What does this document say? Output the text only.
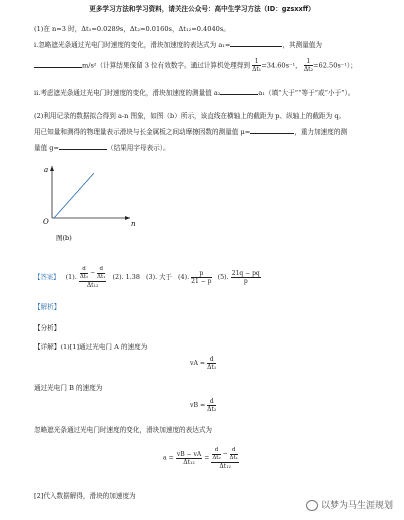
更多学习方法和学习资料，请关注公众号：高中生学习方法（ID：gzsxxff）
(1)在 n=3 时，Δt₁=0.0289s，Δt₂=0.0160s，Δt₁₂=0.4040s。
i.忽略遮光条通过光电门时速度的变化，滑块加速度的表达式为 a₁=	，其测量值为
m/s²（计算结果保留 3 位有效数字。通过计算机处理得到 $\frac{1}{\text{Δt₁}} =34.60s^{-1}$， $\frac{1}{\text{Δt₂}} =62.50s^{-1}$）；
ii.考虑遮光条通过光电门时速度的变化，滑块加速度的测量值 a₂	a₁（填“大于”“等于”或“小于”）。
(2)利用记录的数据拟合得到 a-n 图象，如图（b）所示，该直线在横轴上的截距为 p、纵轴上的截距为 q。
用已知量和测得的物理量表示滑块与长金属板之间动摩擦因数的测量值 μ=	，重力加速度的测
量值 g=	（结果用字母表示）。
a
n
O
图(b)
【答案】 (1). $\frac{d}{\text{Δt₂}} - \frac{d}{\text{Δt₁}}$
Δt₁₂
(2). 1.38 (3). 大于 (4). $\frac{p}{21 - p} (5)$. $\frac{21q - pq}{p}$
【解析】
【分析】
【详解】(1)[1]通过光电门 A 的速度为
vA = $\frac{d}{\text{Δt₁}}$
通过光电门 B 的速度为
vB = $\frac{d}{\text{Δt₂}}$
忽略遮光条通过光电门时速度的变化，滑块加速度的表达式为
$a = \frac{vB - vA}{\text{Δt₁₂}} = \frac{d}{\text{Δt₂}} - \frac{d}{\text{Δt₁}}$
Δt₁₂
[2]代入数据解得，滑块的加速度为
以梦为马生涯规划
